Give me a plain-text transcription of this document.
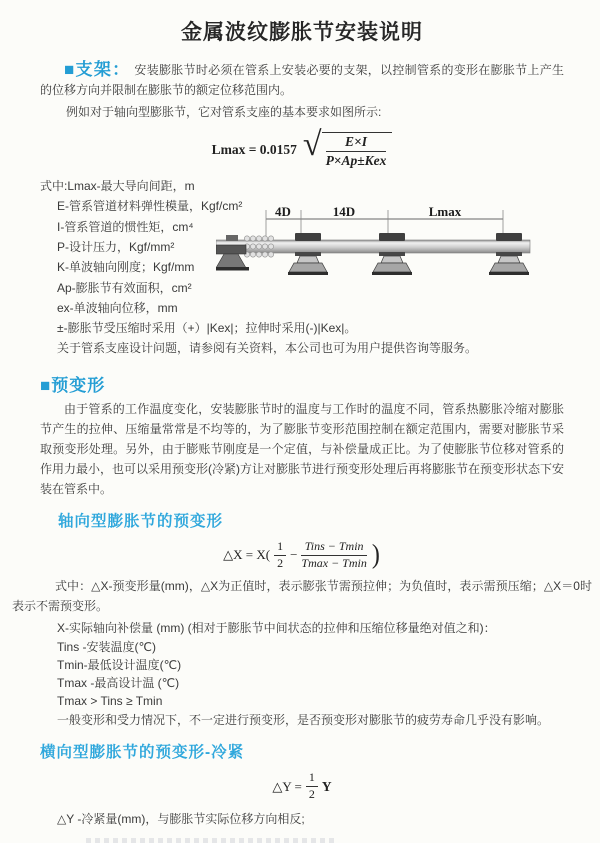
金属波纹膨胀节安装说明

■支架： 安装膨胀节时必须在管系上安装必要的支架，以控制管系的变形在膨胀节上产生的位移方向并限制在膨胀节的额定位移范围内。

例如对于轴向型膨胀节，它对管系支座的基本要求如图所示:

Lmax = 0.0157 √ $\frac{E\times I}{\text{P×Ap±Kex}}$
式中:Lmax-最大导向间距，m
E-管系管道材料弹性模量，Kgf/cm²
I-管系管道的惯性矩，cm⁴
P-设计压力，Kgf/mm²
K-单波轴向刚度；Kgf/mm
Ap-膨胀节有效面积，cm²
ex-单波轴向位移，mm
±-膨胀节受压缩时采用（+）|Kex|；拉伸时采用(-)|Kex|。
关于管系支座设计问题，请参阅有关资料，本公司也可为用户提供咨询等服务。
4D	14D	Lmax
■预变形

由于管系的工作温度变化，安装膨胀节时的温度与工作时的温度不同，管系热膨胀冷缩对膨胀节产生的拉伸、压缩量常常是不均等的，为了膨胀节变形范围控制在额定范围内，需要对膨胀节采取预变形处理。另外，由于膨账节刚度是一个定值，与补偿量成正比。为了使膨胀节位移对管系的作用力最小，也可以采用预变形(冷紧)方让对膨胀节进行预变形处理后再将膨胀节在预变形状态下安装在管系中。

轴向型膨胀节的预变形
△X = $X( \frac{1}{2} - \frac{\text{Tins − Tmin}}{Tmax - Tmin}$ )

式中：△X-预变形量(mm)，△X为正值时，表示膨张节需预拉伸；为负值时，表示需预压缩；△X＝0时表示不需预变形。

X-实际轴向补偿量 (mm) (相对于膨胀节中间状态的拉伸和压缩位移量绝对值之和)：
Tins -安装温度(℃)
Tmin-最低设计温度(℃)
Tmax -最高设计温 (℃)
Tmax > Tins ≥ Tmin
一般变形和受力情况下，不一定进行预变形，是否预变形对膨胀节的疲劳寿命几乎没有影响。
横向型膨胀节的预变形-冷紧
△Y = $\frac{1}{2}$ Y
△Y -冷紧量(mm)，与膨胀节实际位移方向相反;
